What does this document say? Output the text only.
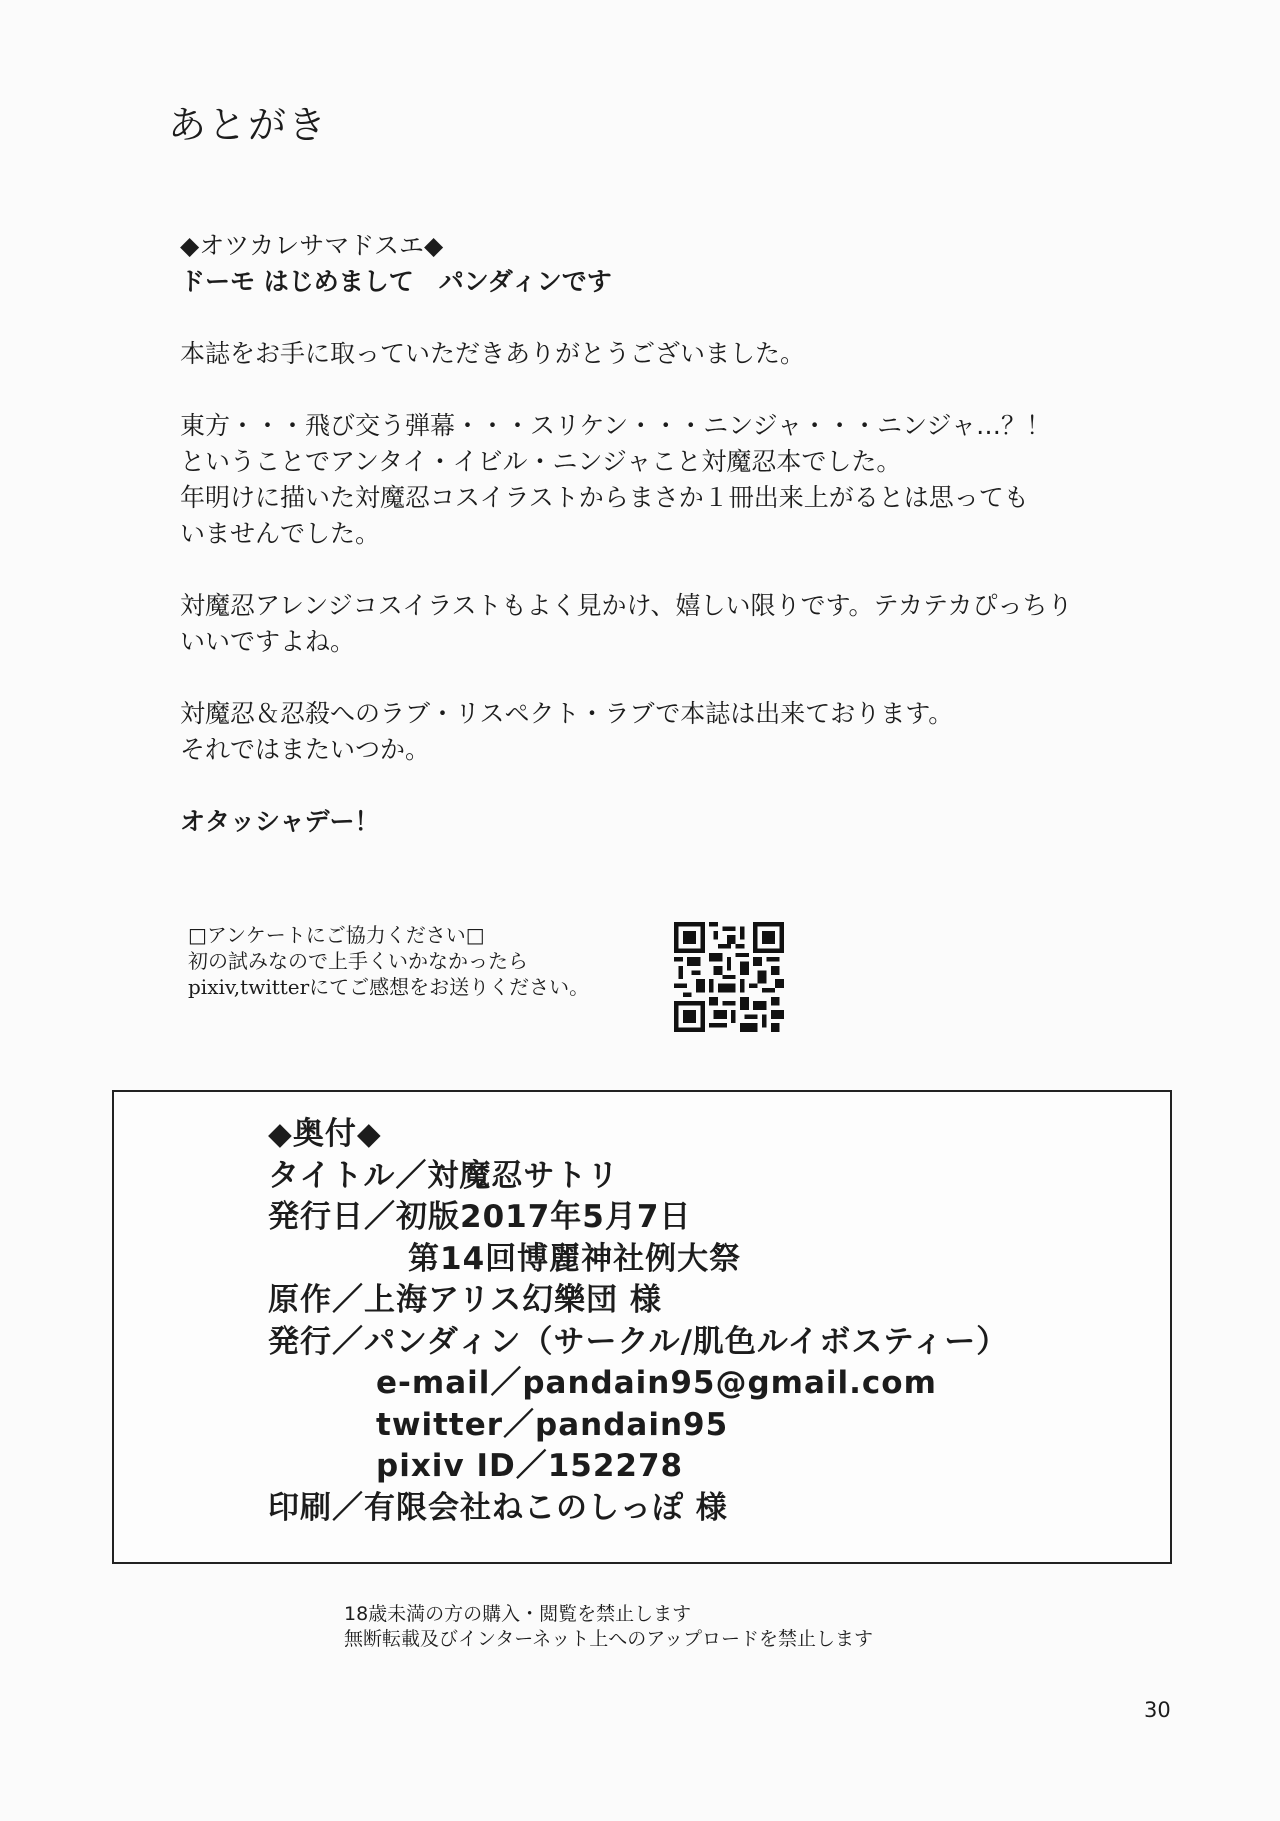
あとがき
◆オツカレサマドスエ◆
ドーモ はじめまして　パンダィンです
本誌をお手に取っていただきありがとうございました。
東方・・・飛び交う弾幕・・・スリケン・・・ニンジャ・・・ニンジャ…？！
ということでアンタイ・イビル・ニンジャこと対魔忍本でした。
年明けに描いた対魔忍コスイラストからまさか１冊出来上がるとは思っても
いませんでした。
対魔忍アレンジコスイラストもよく見かけ、嬉しい限りです。テカテカぴっちり
いいですよね。
対魔忍＆忍殺へのラブ・リスペクト・ラブで本誌は出来ております。
それではまたいつか。
オタッシャデー！
□アンケートにご協力ください□
初の試みなので上手くいかなかったら
pixiv,twitterにてご感想をお送りください。
◆奥付◆
タイトル／対魔忍サトリ
発行日／初版2017年5月7日
第14回博麗神社例大祭
原作／上海アリス幻樂団 様
発行／パンダィン（サークル/肌色ルイボスティー）
e-mail／pandain95@gmail.com
twitter／pandain95
pixiv ID／152278
印刷／有限会社ねこのしっぽ 様
18歳未満の方の購入・閲覧を禁止します
無断転載及びインターネット上へのアップロードを禁止します
30
